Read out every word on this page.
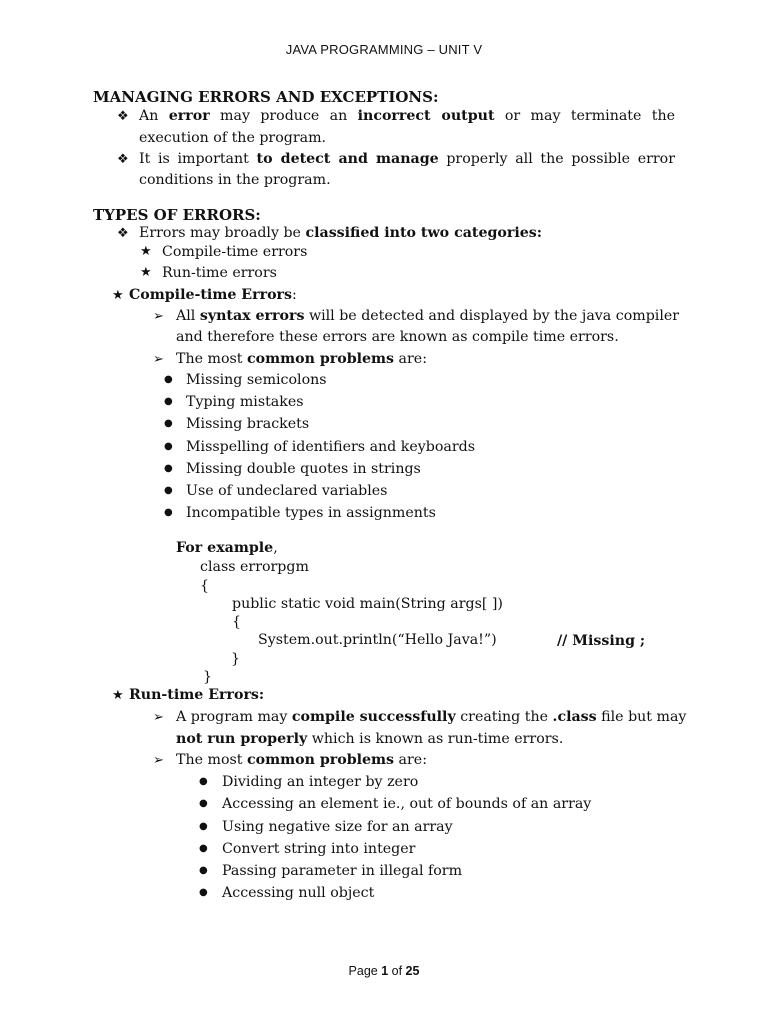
JAVA PROGRAMMING – UNIT V
MANAGING ERRORS AND EXCEPTIONS:
❖ An error may produce an incorrect output or may terminate the
execution of the program.
❖ It is important to detect and manage properly all the possible error
conditions in the program.
TYPES OF ERRORS:
❖ Errors may broadly be classified into two categories:
★ Compile-time errors
★ Run-time errors
★ Compile-time Errors:
➢ All syntax errors will be detected and displayed by the java compiler
and therefore these errors are known as compile time errors.
➢ The most common problems are:
● Missing semicolons
● Typing mistakes
● Missing brackets
● Misspelling of identifiers and keyboards
● Missing double quotes in strings
● Use of undeclared variables
● Incompatible types in assignments
For example,
class errorpgm
{
public static void main(String args[ ])
{
System.out.println(“Hello Java!”)	// Missing ;
}
}
★ Run-time Errors:
➢ A program may compile successfully creating the .class file but may
not run properly which is known as run-time errors.
➢ The most common problems are:
● Dividing an integer by zero
● Accessing an element ie., out of bounds of an array
● Using negative size for an array
● Convert string into integer
● Passing parameter in illegal form
● Accessing null object
Page 1 of 25
